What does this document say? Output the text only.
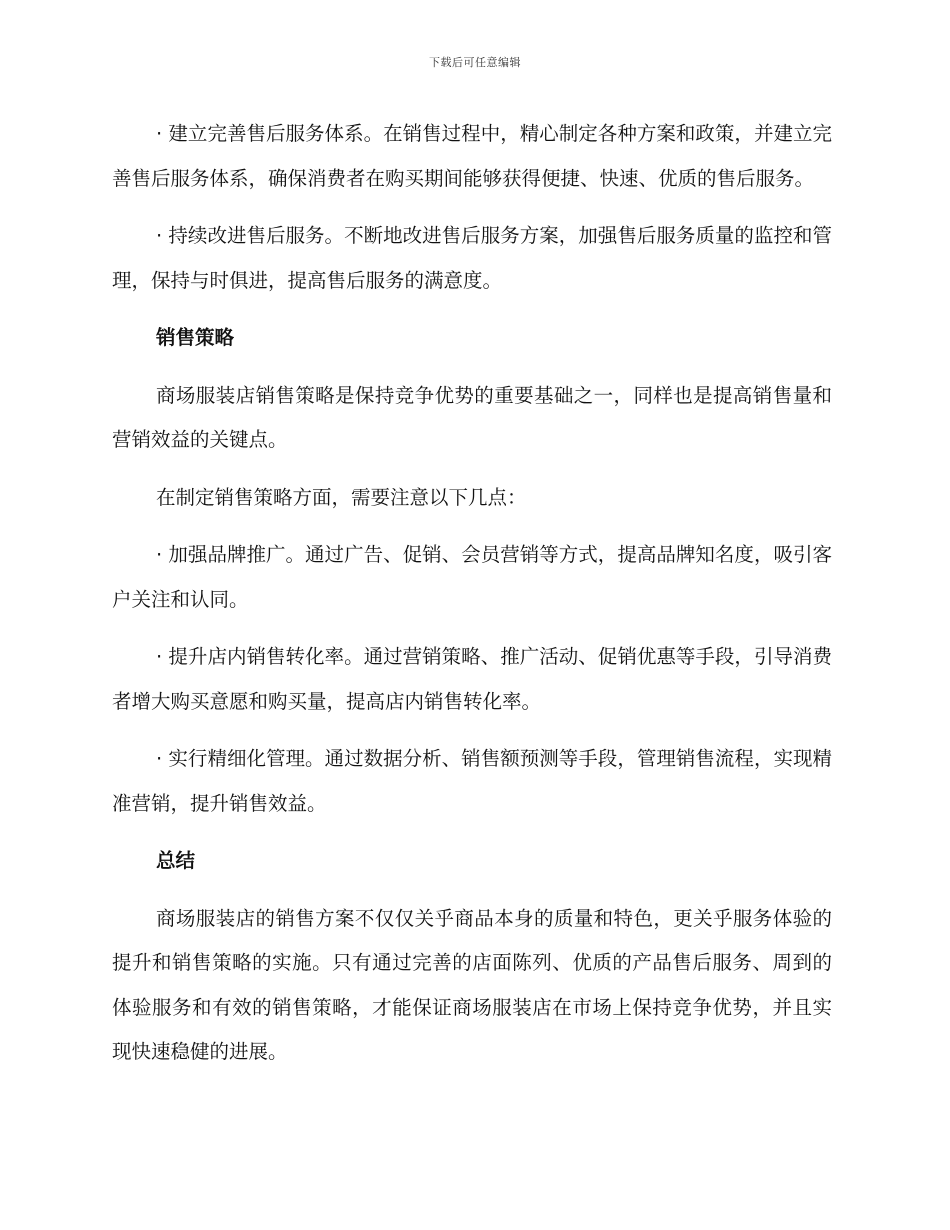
下载后可任意编辑

· 建立完善售后服务体系。在销售过程中，精心制定各种方案和政策，并建立完善售后服务体系，确保消费者在购买期间能够获得便捷、快速、优质的售后服务。

· 持续改进售后服务。不断地改进售后服务方案，加强售后服务质量的监控和管理，保持与时俱进，提高售后服务的满意度。

销售策略

商场服装店销售策略是保持竞争优势的重要基础之一，同样也是提高销售量和营销效益的关键点。

在制定销售策略方面，需要注意以下几点：

· 加强品牌推广。通过广告、促销、会员营销等方式，提高品牌知名度，吸引客户关注和认同。

· 提升店内销售转化率。通过营销策略、推广活动、促销优惠等手段，引导消费者增大购买意愿和购买量，提高店内销售转化率。

· 实行精细化管理。通过数据分析、销售额预测等手段，管理销售流程，实现精准营销，提升销售效益。

总结

商场服装店的销售方案不仅仅关乎商品本身的质量和特色，更关乎服务体验的提升和销售策略的实施。只有通过完善的店面陈列、优质的产品售后服务、周到的体验服务和有效的销售策略，才能保证商场服装店在市场上保持竞争优势，并且实现快速稳健的进展。
